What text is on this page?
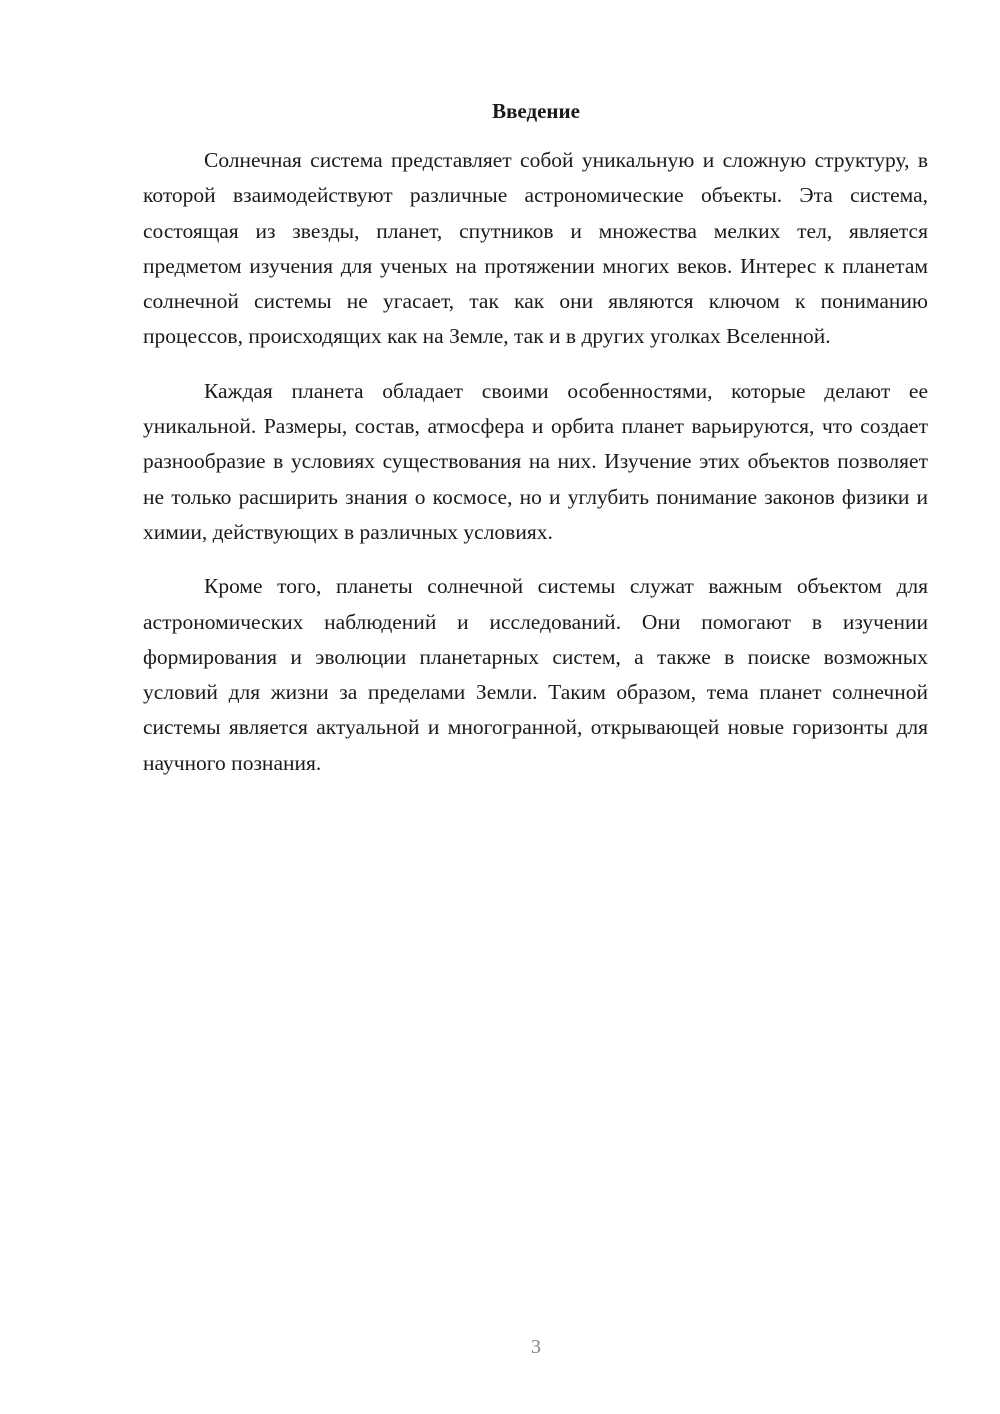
Введение

Солнечная система представляет собой уникальную и сложную структуру, в которой взаимодействуют различные астрономические объекты. Эта система, состоящая из звезды, планет, спутников и множества мелких тел, является предметом изучения для ученых на протяжении многих веков. Интерес к планетам солнечной системы не угасает, так как они являются ключом к пониманию процессов, происходящих как на Земле, так и в других уголках Вселенной.

Каждая планета обладает своими особенностями, которые делают ее уникальной. Размеры, состав, атмосфера и орбита планет варьируются, что создает разнообразие в условиях существования на них. Изучение этих объектов позволяет не только расширить знания о космосе, но и углубить понимание законов физики и химии, действующих в различных условиях.

Кроме того, планеты солнечной системы служат важным объектом для астрономических наблюдений и исследований. Они помогают в изучении формирования и эволюции планетарных систем, а также в поиске возможных условий для жизни за пределами Земли. Таким образом, тема планет солнечной системы является актуальной и многогранной, открывающей новые горизонты для научного познания.

3
